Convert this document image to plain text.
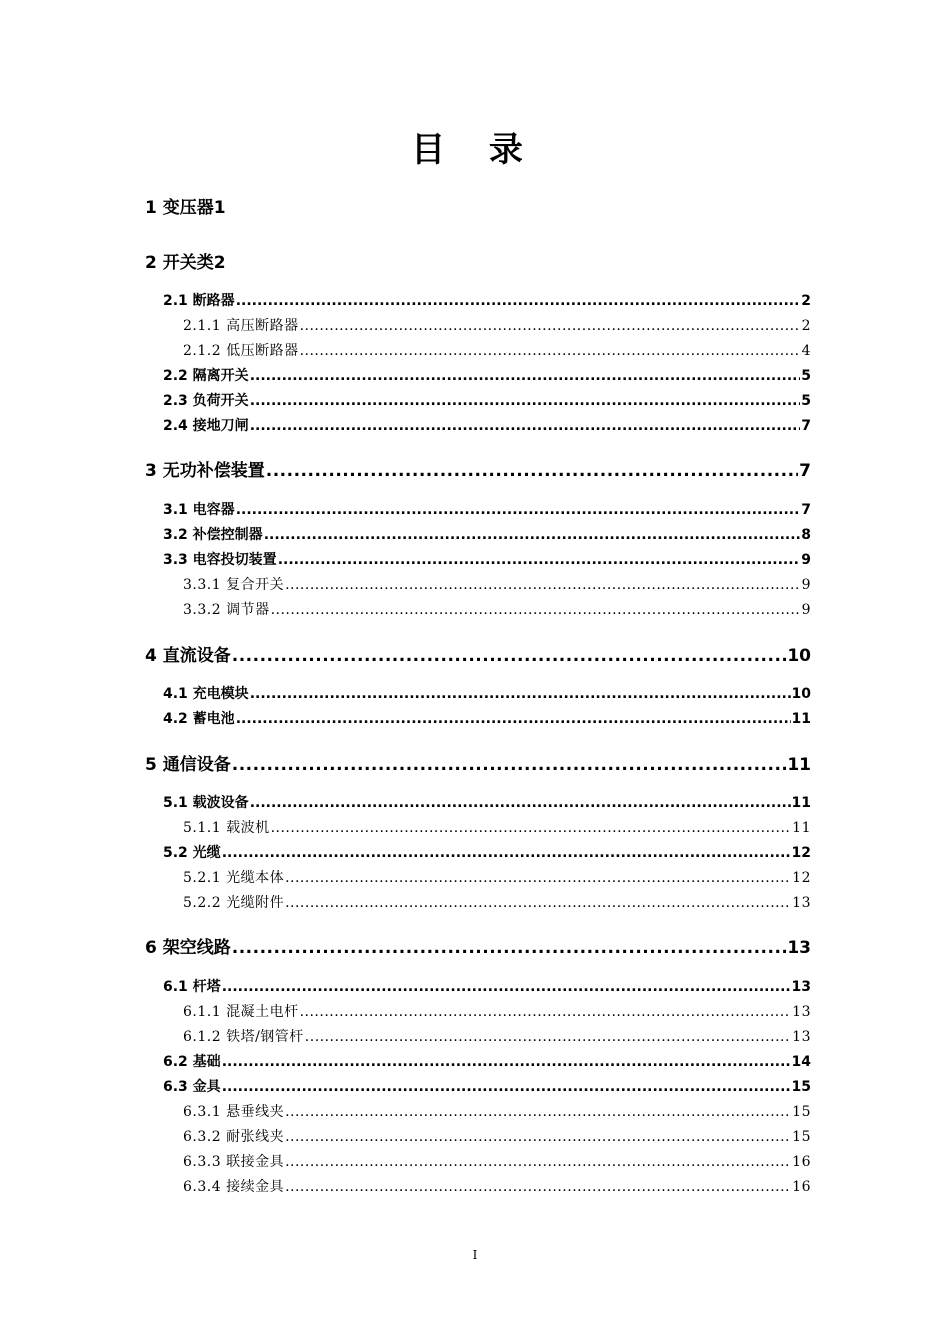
目 录
1 变压器1
2 开关类2
2.1 断路器 .....	2
2.1.1 高压断路器 .....	2
2.1.2 低压断路器 .....	4
2.2 隔离开关 .....	5
2.3 负荷开关 .....	5
2.4 接地刀闸 .....	7
3 无功补偿装置 .....	7
3.1 电容器 .....	7
3.2 补偿控制器 .....	8
3.3 电容投切装置 .....	9
3.3.1 复合开关 .....	9
3.3.2 调节器 .....	9
4 直流设备 .....	10
4.1 充电模块 .....	10
4.2 蓄电池 .....	11
5 通信设备 .....	11
5.1 载波设备 .....	11
5.1.1 载波机 .....	11
5.2 光缆 .....	12
5.2.1 光缆本体 .....	12
5.2.2 光缆附件 .....	13
6 架空线路 .....	13
6.1 杆塔 .....	13
6.1.1 混凝土电杆 .....	13
6.1.2 铁塔/钢管杆 .....	13
6.2 基础 .....	14
6.3 金具 .....	15
6.3.1 悬垂线夹 .....	15
6.3.2 耐张线夹 .....	15
6.3.3 联接金具 .....	16
6.3.4 接续金具 .....	16
I
